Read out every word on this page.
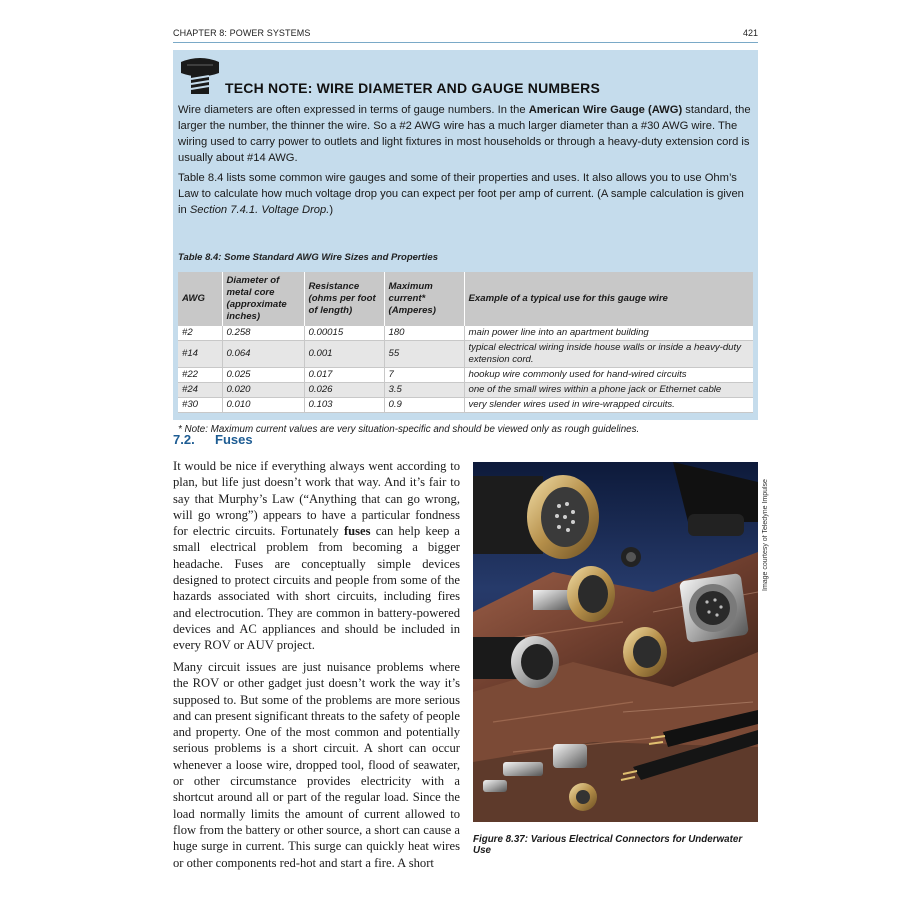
CHAPTER 8: POWER SYSTEMS	421
TECH NOTE: WIRE DIAMETER AND GAUGE NUMBERS

Wire diameters are often expressed in terms of gauge numbers. In the American Wire Gauge (AWG) standard, the larger the number, the thinner the wire. So a #2 AWG wire has a much larger diameter than a #30 AWG wire. The wiring used to carry power to outlets and light fixtures in most households or through a heavy-duty extension cord is usually about #14 AWG.

Table 8.4 lists some common wire gauges and some of their properties and uses. It also allows you to use Ohm’s Law to calculate how much voltage drop you can expect per foot per amp of current. (A sample calculation is given in Section 7.4.1. Voltage Drop.)

Table 8.4: Some Standard AWG Wire Sizes and Properties
AWG	Diameter of metal core (approximate inches)	Resistance (ohms per foot of length)	Maximum current* (Amperes)	Example of a typical use for this gauge wire
#2	0.258	0.00015	180	main power line into an apartment building
#14	0.064	0.001	55	typical electrical wiring inside house walls or inside a heavy-duty extension cord.
#22	0.025	0.017	7	hookup wire commonly used for hand-wired circuits
#24	0.020	0.026	3.5	one of the small wires within a phone jack or Ethernet cable
#30	0.010	0.103	0.9	very slender wires used in wire-wrapped circuits.
* Note: Maximum current values are very situation-specific and should be viewed only as rough guidelines.
7.2. Fuses

It would be nice if everything always went according to plan, but life just doesn’t work that way. And it’s fair to say that Murphy’s Law (“Anything that can go wrong, will go wrong”) appears to have a particular fondness for electric circuits. Fortunately fuses can help keep a small electrical problem from becoming a bigger headache. Fuses are conceptually simple devices designed to protect circuits and people from some of the hazards associated with short circuits, including fires and electrocution. They are common in battery-powered devices and AC appliances and should be included in every ROV or AUV project.

Many circuit issues are just nuisance problems where the ROV or other gadget just doesn’t work the way it’s supposed to. But some of the problems are more serious and can present significant threats to the safety of people and property. One of the most common and potentially serious problems is a short circuit. A short can occur whenever a loose wire, dropped tool, flood of seawater, or other circumstance provides electricity with a shortcut around all or part of the regular load. Since the load normally limits the amount of current allowed to flow from the battery or other source, a short can cause a huge surge in current. This surge can quickly heat wires or other components red-hot and start a fire. A short

Image courtesy of Teledyne Impulse
Figure 8.37: Various Electrical Connectors for Underwater Use
